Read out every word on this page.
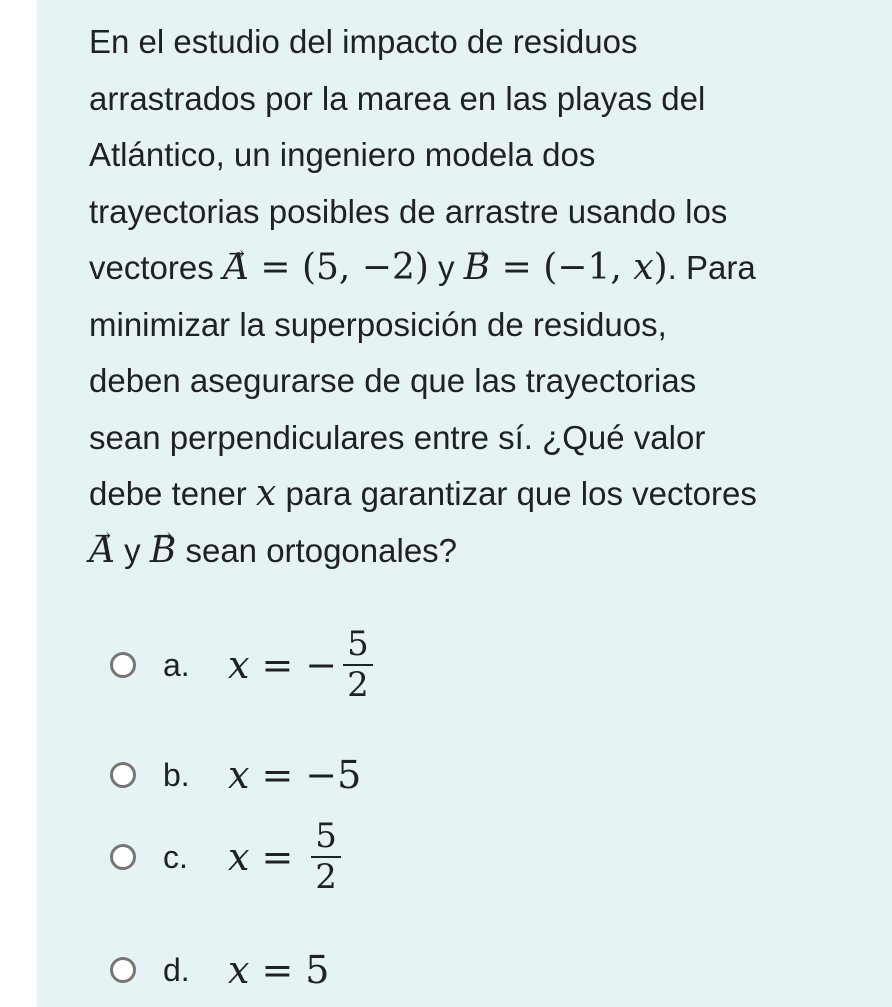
En el estudio del impacto de residuos

arrastrados por la marea en las playas del

Atlántico, un ingeniero modela dos

trayectorias posibles de arrastre usando los

vectores → A = (5, −2) y → B = (−1, x). Para

minimizar la superposición de residuos,

deben asegurarse de que las trayectorias

sean perpendiculares entre sí. ¿Qué valor

debe tener x para garantizar que los vectores

→ A y → B sean ortogonales?

a. x = − $\frac{5}{2}$
b. x = −5
c. $x = \frac{5}{2}$
d. x = 5
